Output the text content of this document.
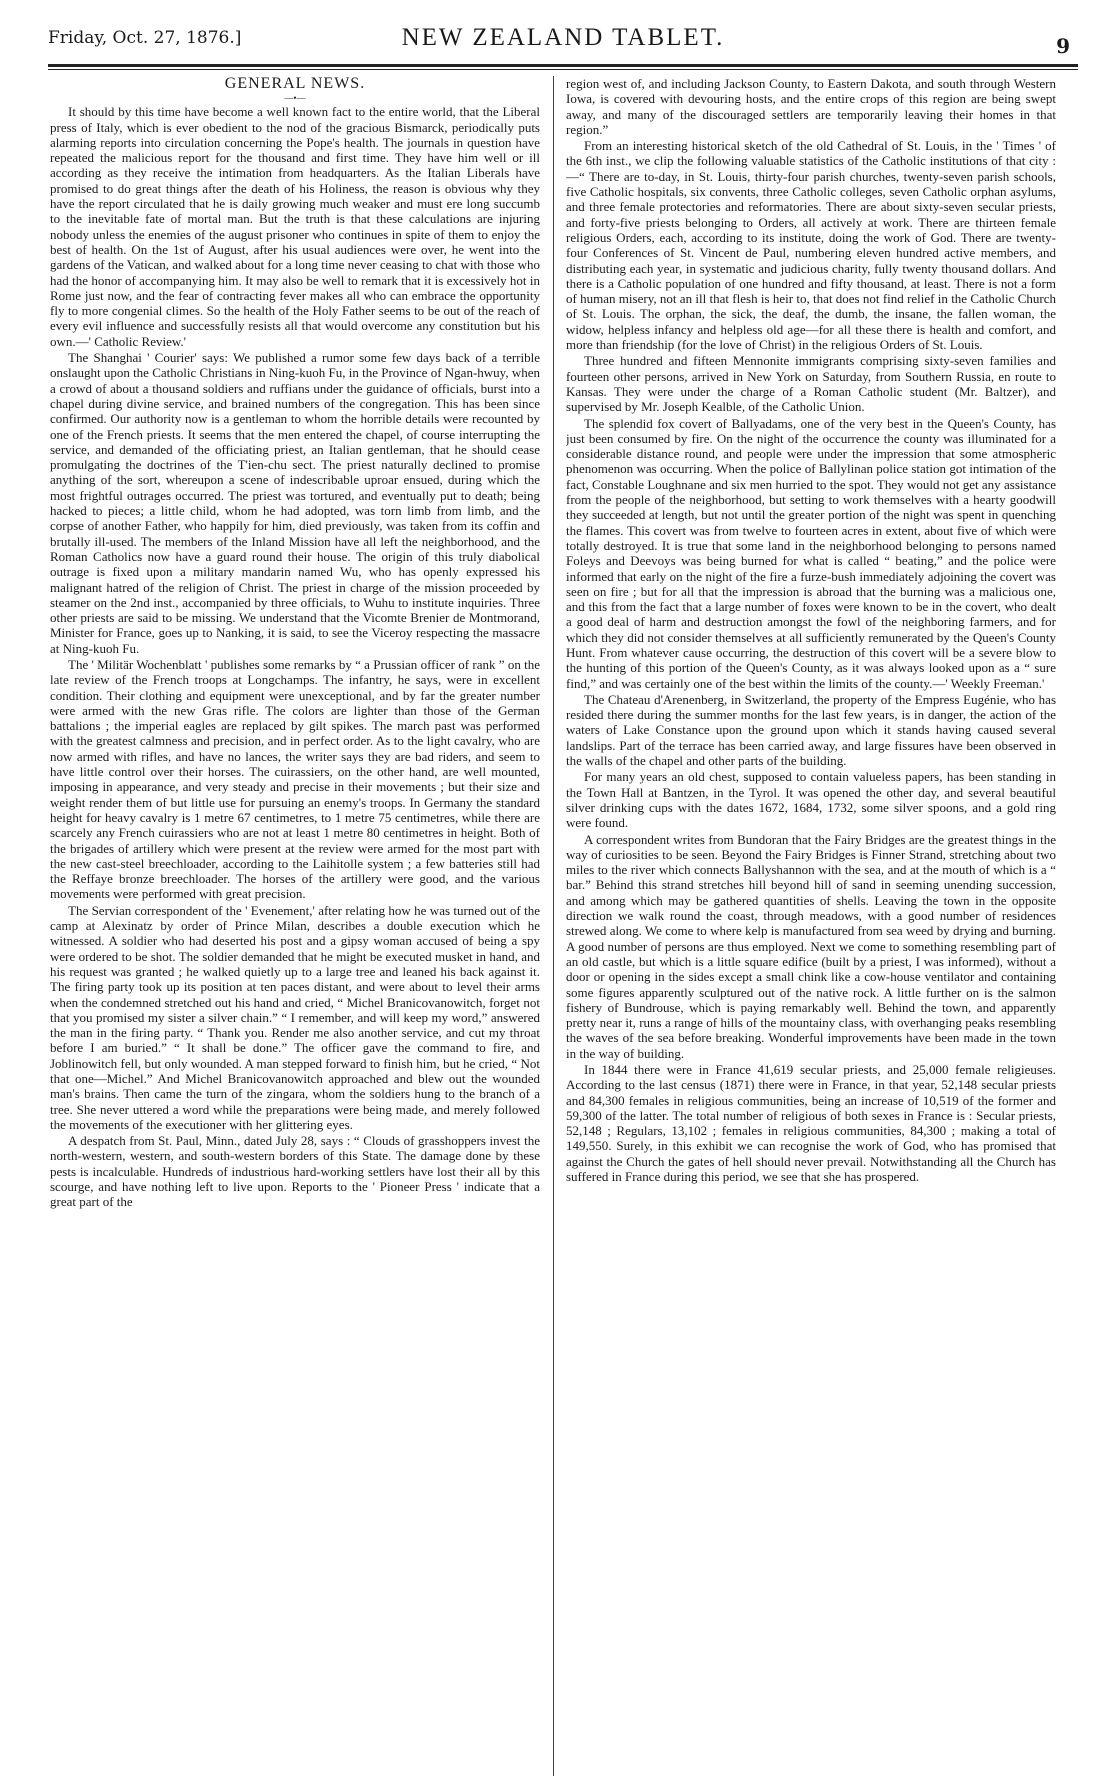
Friday, Oct. 27, 1876.]	NEW ZEALAND TABLET.	9
GENERAL NEWS.
—•—

It should by this time have become a well known fact to the entire world, that the Liberal press of Italy, which is ever obedient to the nod of the gracious Bismarck, periodically puts alarming reports into circulation concerning the Pope's health. The journals in question have repeated the malicious report for the thousand and first time. They have him well or ill according as they receive the intimation from headquarters. As the Italian Liberals have promised to do great things after the death of his Holiness, the reason is obvious why they have the report circulated that he is daily growing much weaker and must ere long succumb to the inevitable fate of mortal man. But the truth is that these calculations are injuring nobody unless the enemies of the august prisoner who continues in spite of them to enjoy the best of health. On the 1st of August, after his usual audiences were over, he went into the gardens of the Vatican, and walked about for a long time never ceasing to chat with those who had the honor of accompanying him. It may also be well to remark that it is excessively hot in Rome just now, and the fear of contracting fever makes all who can embrace the opportunity fly to more congenial climes. So the health of the Holy Father seems to be out of the reach of every evil influence and successfully resists all that would overcome any constitution but his own.—' Catholic Review.'

The Shanghai ' Courier' says: We published a rumor some few days back of a terrible onslaught upon the Catholic Christians in Ning-kuoh Fu, in the Province of Ngan-hwuy, when a crowd of about a thousand soldiers and ruffians under the guidance of officials, burst into a chapel during divine service, and brained numbers of the congregation. This has been since confirmed. Our authority now is a gentleman to whom the horrible details were recounted by one of the French priests. It seems that the men entered the chapel, of course interrupting the service, and demanded of the officiating priest, an Italian gentleman, that he should cease promulgating the doctrines of the T'ien-chu sect. The priest naturally declined to promise anything of the sort, whereupon a scene of indescribable uproar ensued, during which the most frightful outrages occurred. The priest was tortured, and eventually put to death; being hacked to pieces; a little child, whom he had adopted, was torn limb from limb, and the corpse of another Father, who happily for him, died previously, was taken from its coffin and brutally ill-used. The members of the Inland Mission have all left the neighborhood, and the Roman Catholics now have a guard round their house. The origin of this truly diabolical outrage is fixed upon a military mandarin named Wu, who has openly expressed his malignant hatred of the religion of Christ. The priest in charge of the mission proceeded by steamer on the 2nd inst., accompanied by three officials, to Wuhu to institute inquiries. Three other priests are said to be missing. We understand that the Vicomte Brenier de Montmorand, Minister for France, goes up to Nanking, it is said, to see the Viceroy respecting the massacre at Ning-kuoh Fu.

The ' Militär Wochenblatt ' publishes some remarks by “ a Prussian officer of rank ” on the late review of the French troops at Longchamps. The infantry, he says, were in excellent condition. Their clothing and equipment were unexceptional, and by far the greater number were armed with the new Gras rifle. The colors are lighter than those of the German battalions ; the imperial eagles are replaced by gilt spikes. The march past was performed with the greatest calmness and precision, and in perfect order. As to the light cavalry, who are now armed with rifles, and have no lances, the writer says they are bad riders, and seem to have little control over their horses. The cuirassiers, on the other hand, are well mounted, imposing in appearance, and very steady and precise in their movements ; but their size and weight render them of but little use for pursuing an enemy's troops. In Germany the standard height for heavy cavalry is 1 metre 67 centimetres, to 1 metre 75 centimetres, while there are scarcely any French cuirassiers who are not at least 1 metre 80 centimetres in height. Both of the brigades of artillery which were present at the review were armed for the most part with the new cast-steel breechloader, according to the Laihitolle system ; a few batteries still had the Reffaye bronze breechloader. The horses of the artillery were good, and the various movements were performed with great precision.

The Servian correspondent of the ' Evenement,' after relating how he was turned out of the camp at Alexinatz by order of Prince Milan, describes a double execution which he witnessed. A soldier who had deserted his post and a gipsy woman accused of being a spy were ordered to be shot. The soldier demanded that he might be executed musket in hand, and his request was granted ; he walked quietly up to a large tree and leaned his back against it. The firing party took up its position at ten paces distant, and were about to level their arms when the condemned stretched out his hand and cried, “ Michel Branicovanowitch, forget not that you promised my sister a silver chain.” “ I remember, and will keep my word,” answered the man in the firing party. “ Thank you. Render me also another service, and cut my throat before I am buried.” “ It shall be done.” The officer gave the command to fire, and Joblinowitch fell, but only wounded. A man stepped forward to finish him, but he cried, “ Not that one—Michel.” And Michel Branicovanowitch approached and blew out the wounded man's brains. Then came the turn of the zingara, whom the soldiers hung to the branch of a tree. She never uttered a word while the preparations were being made, and merely followed the movements of the executioner with her glittering eyes.

A despatch from St. Paul, Minn., dated July 28, says : “ Clouds of grasshoppers invest the north-western, western, and south-western borders of this State. The damage done by these pests is incalculable. Hundreds of industrious hard-working settlers have lost their all by this scourge, and have nothing left to live upon. Reports to the ' Pioneer Press ' indicate that a great part of the

region west of, and including Jackson County, to Eastern Dakota, and south through Western Iowa, is covered with devouring hosts, and the entire crops of this region are being swept away, and many of the discouraged settlers are temporarily leaving their homes in that region.”

From an interesting historical sketch of the old Cathedral of St. Louis, in the ' Times ' of the 6th inst., we clip the following valuable statistics of the Catholic institutions of that city :—“ There are to-day, in St. Louis, thirty-four parish churches, twenty-seven parish schools, five Catholic hospitals, six convents, three Catholic colleges, seven Catholic orphan asylums, and three female protectories and reformatories. There are about sixty-seven secular priests, and forty-five priests belonging to Orders, all actively at work. There are thirteen female religious Orders, each, according to its institute, doing the work of God. There are twenty-four Conferences of St. Vincent de Paul, numbering eleven hundred active members, and distributing each year, in systematic and judicious charity, fully twenty thousand dollars. And there is a Catholic population of one hundred and fifty thousand, at least. There is not a form of human misery, not an ill that flesh is heir to, that does not find relief in the Catholic Church of St. Louis. The orphan, the sick, the deaf, the dumb, the insane, the fallen woman, the widow, helpless infancy and helpless old age—for all these there is health and comfort, and more than friendship (for the love of Christ) in the religious Orders of St. Louis.

Three hundred and fifteen Mennonite immigrants comprising sixty-seven families and fourteen other persons, arrived in New York on Saturday, from Southern Russia, en route to Kansas. They were under the charge of a Roman Catholic student (Mr. Baltzer), and supervised by Mr. Joseph Kealble, of the Catholic Union.

The splendid fox covert of Ballyadams, one of the very best in the Queen's County, has just been consumed by fire. On the night of the occurrence the county was illuminated for a considerable distance round, and people were under the impression that some atmospheric phenomenon was occurring. When the police of Ballylinan police station got intimation of the fact, Constable Loughnane and six men hurried to the spot. They would not get any assistance from the people of the neighborhood, but setting to work themselves with a hearty goodwill they succeeded at length, but not until the greater portion of the night was spent in quenching the flames. This covert was from twelve to fourteen acres in extent, about five of which were totally destroyed. It is true that some land in the neighborhood belonging to persons named Foleys and Deevoys was being burned for what is called “ beating,” and the police were informed that early on the night of the fire a furze-bush immediately adjoining the covert was seen on fire ; but for all that the impression is abroad that the burning was a malicious one, and this from the fact that a large number of foxes were known to be in the covert, who dealt a good deal of harm and destruction amongst the fowl of the neighboring farmers, and for which they did not consider themselves at all sufficiently remunerated by the Queen's County Hunt. From whatever cause occurring, the destruction of this covert will be a severe blow to the hunting of this portion of the Queen's County, as it was always looked upon as a “ sure find,” and was certainly one of the best within the limits of the county.—' Weekly Freeman.'

The Chateau d'Arenenberg, in Switzerland, the property of the Empress Eugénie, who has resided there during the summer months for the last few years, is in danger, the action of the waters of Lake Constance upon the ground upon which it stands having caused several landslips. Part of the terrace has been carried away, and large fissures have been observed in the walls of the chapel and other parts of the building.

For many years an old chest, supposed to contain valueless papers, has been standing in the Town Hall at Bantzen, in the Tyrol. It was opened the other day, and several beautiful silver drinking cups with the dates 1672, 1684, 1732, some silver spoons, and a gold ring were found.

A correspondent writes from Bundoran that the Fairy Bridges are the greatest things in the way of curiosities to be seen. Beyond the Fairy Bridges is Finner Strand, stretching about two miles to the river which connects Ballyshannon with the sea, and at the mouth of which is a “ bar.” Behind this strand stretches hill beyond hill of sand in seeming unending succession, and among which may be gathered quantities of shells. Leaving the town in the opposite direction we walk round the coast, through meadows, with a good number of residences strewed along. We come to where kelp is manufactured from sea weed by drying and burning. A good number of persons are thus employed. Next we come to something resembling part of an old castle, but which is a little square edifice (built by a priest, I was informed), without a door or opening in the sides except a small chink like a cow-house ventilator and containing some figures apparently sculptured out of the native rock. A little further on is the salmon fishery of Bundrouse, which is paying remarkably well. Behind the town, and apparently pretty near it, runs a range of hills of the mountainy class, with overhanging peaks resembling the waves of the sea before breaking. Wonderful improvements have been made in the town in the way of building.

In 1844 there were in France 41,619 secular priests, and 25,000 female religieuses. According to the last census (1871) there were in France, in that year, 52,148 secular priests and 84,300 females in religious communities, being an increase of 10,519 of the former and 59,300 of the latter. The total number of religious of both sexes in France is : Secular priests, 52,148 ; Regulars, 13,102 ; females in religious communities, 84,300 ; making a total of 149,550. Surely, in this exhibit we can recognise the work of God, who has promised that against the Church the gates of hell should never prevail. Notwithstanding all the Church has suffered in France during this period, we see that she has prospered.
